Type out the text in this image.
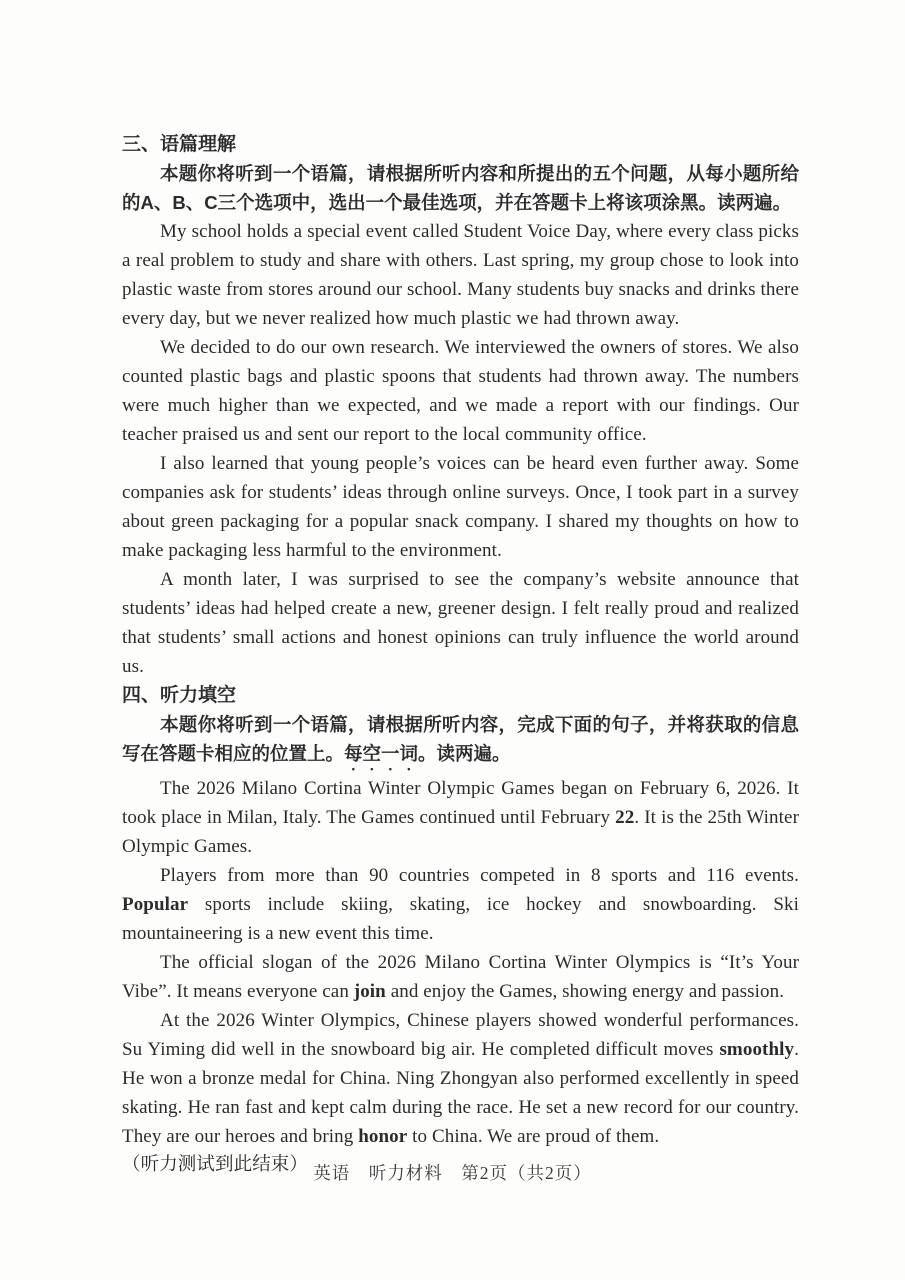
三、语篇理解

本题你将听到一个语篇，请根据所听内容和所提出的五个问题，从每小题所给的A、B、C三个选项中，选出一个最佳选项，并在答题卡上将该项涂黑。读两遍。

My school holds a special event called Student Voice Day, where every class picks a real problem to study and share with others. Last spring, my group chose to look into plastic waste from stores around our school. Many students buy snacks and drinks there every day, but we never realized how much plastic we had thrown away.

We decided to do our own research. We interviewed the owners of stores. We also counted plastic bags and plastic spoons that students had thrown away. The numbers were much higher than we expected, and we made a report with our findings. Our teacher praised us and sent our report to the local community office.

I also learned that young people’s voices can be heard even further away. Some companies ask for students’ ideas through online surveys. Once, I took part in a survey about green packaging for a popular snack company. I shared my thoughts on how to make packaging less harmful to the environment.

A month later, I was surprised to see the company’s website announce that students’ ideas had helped create a new, greener design. I felt really proud and realized that students’ small actions and honest opinions can truly influence the world around us.

四、听力填空

本题你将听到一个语篇，请根据所听内容，完成下面的句子，并将获取的信息写在答题卡相应的位置上。每空一词。读两遍。

The 2026 Milano Cortina Winter Olympic Games began on February 6, 2026. It took place in Milan, Italy. The Games continued until February 22. It is the 25th Winter Olympic Games.

Players from more than 90 countries competed in 8 sports and 116 events. Popular sports include skiing, skating, ice hockey and snowboarding. Ski mountaineering is a new event this time.

The official slogan of the 2026 Milano Cortina Winter Olympics is “It’s Your Vibe”. It means everyone can join and enjoy the Games, showing energy and passion.

At the 2026 Winter Olympics, Chinese players showed wonderful performances. Su Yiming did well in the snowboard big air. He completed difficult moves smoothly. He won a bronze medal for China. Ning Zhongyan also performed excellently in speed skating. He ran fast and kept calm during the race. He set a new record for our country. They are our heroes and bring honor to China. We are proud of them.

（听力测试到此结束） 英语　听力材料　第2页（共2页）
